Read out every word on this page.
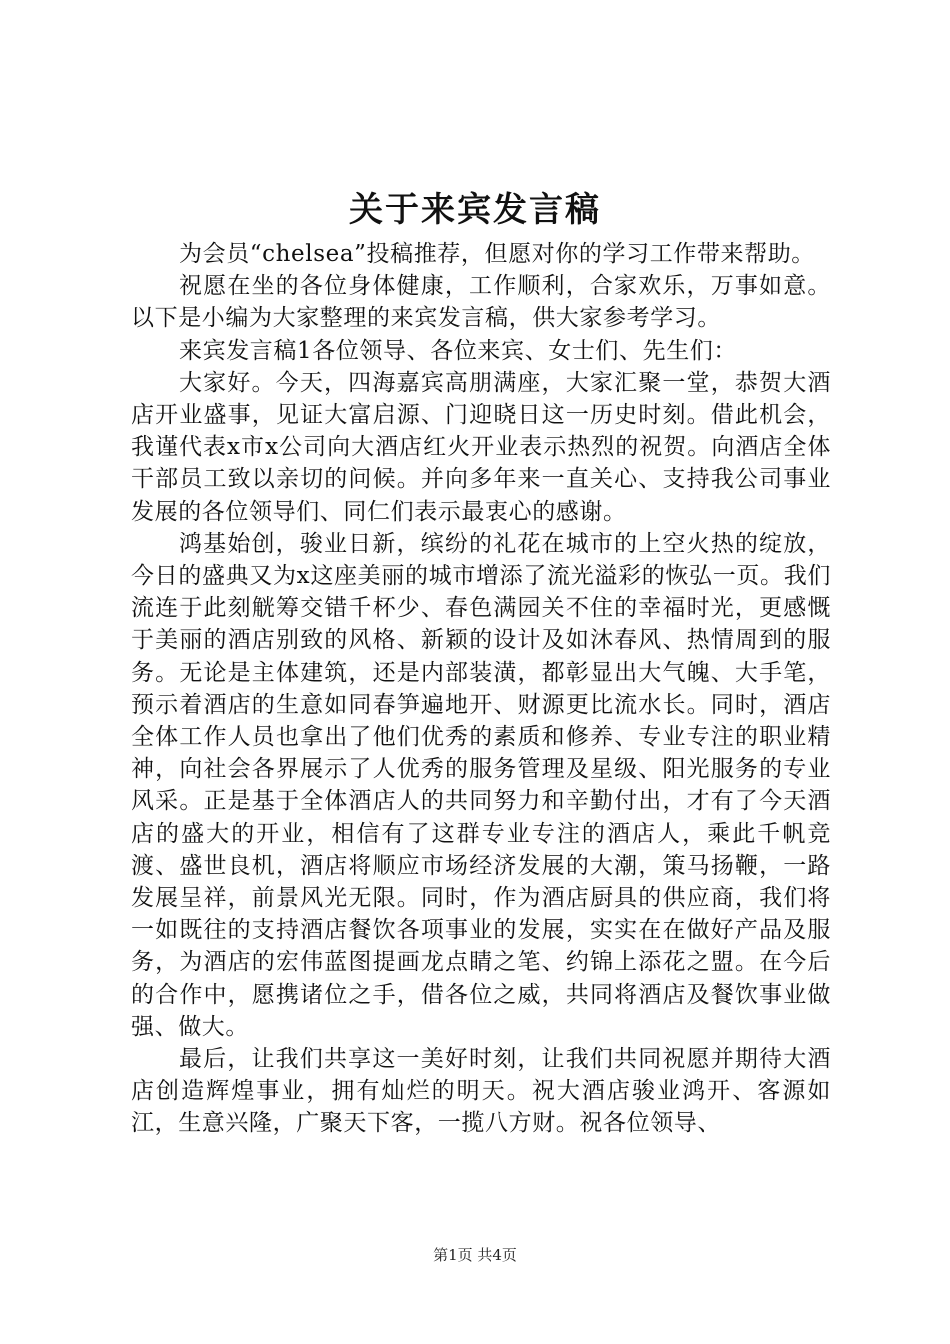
关于来宾发言稿

为会员“chelsea”投稿推荐，但愿对你的学习工作带来帮助。

祝愿在坐的各位身体健康，工作顺利，合家欢乐，万事如意。以下是小编为大家整理的来宾发言稿，供大家参考学习。

来宾发言稿1各位领导、各位来宾、女士们、先生们：

大家好。今天，四海嘉宾高朋满座，大家汇聚一堂，恭贺大酒店开业盛事，见证大富启源、门迎晓日这一历史时刻。借此机会，我谨代表x市x公司向大酒店红火开业表示热烈的祝贺。向酒店全体干部员工致以亲切的问候。并向多年来一直关心、支持我公司事业发展的各位领导们、同仁们表示最衷心的感谢。

鸿基始创，骏业日新，缤纷的礼花在城市的上空火热的绽放，今日的盛典又为x这座美丽的城市增添了流光溢彩的恢弘一页。我们流连于此刻觥筹交错千杯少、春色满园关不住的幸福时光，更感慨于美丽的酒店别致的风格、新颖的设计及如沐春风、热情周到的服务。无论是主体建筑，还是内部装潢，都彰显出大气魄、大手笔，预示着酒店的生意如同春笋遍地开、财源更比流水长。同时，酒店全体工作人员也拿出了他们优秀的素质和修养、专业专注的职业精神，向社会各界展示了人优秀的服务管理及星级、阳光服务的专业风采。正是基于全体酒店人的共同努力和辛勤付出，才有了今天酒店的盛大的开业，相信有了这群专业专注的酒店人，乘此千帆竞渡、盛世良机，酒店将顺应市场经济发展的大潮，策马扬鞭，一路发展呈祥，前景风光无限。同时，作为酒店厨具的供应商，我们将一如既往的支持酒店餐饮各项事业的发展，实实在在做好产品及服务，为酒店的宏伟蓝图提画龙点睛之笔、约锦上添花之盟。在今后的合作中，愿携诸位之手，借各位之威，共同将酒店及餐饮事业做强、做大。

最后，让我们共享这一美好时刻，让我们共同祝愿并期待大酒店创造辉煌事业，拥有灿烂的明天。祝大酒店骏业鸿开、客源如江，生意兴隆，广聚天下客，一揽八方财。祝各位领导、

第1页 共4页
